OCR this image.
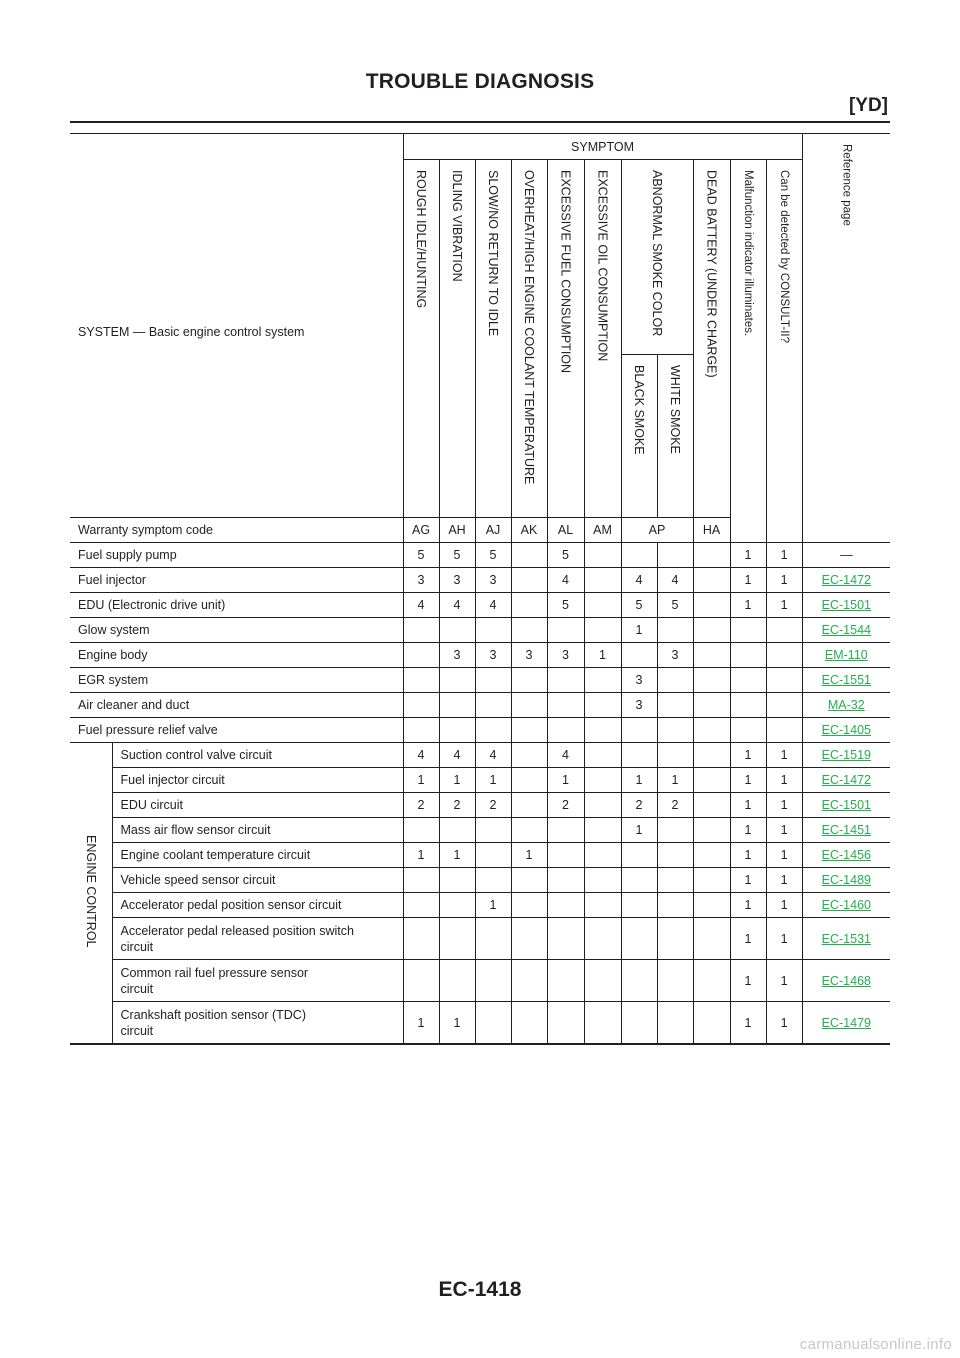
TROUBLE DIAGNOSIS
[YD]
SYSTEM — Basic engine control system		SYMPTOM											Reference page
		ROUGH IDLE/HUNTING	IDLING VIBRATION	SLOW/NO RETURN TO IDLE	OVERHEAT/HIGH ENGINE COOLANT TEMPERATURE	EXCESSIVE FUEL CONSUMPTION	EXCESSIVE OIL CONSUMPTION	ABNORMAL SMOKE COLOR		DEAD BATTERY (UNDER CHARGE)	Malfunction indicator illuminates.	Can be detected by CONSULT-II?	
								BLACK SMOKE	WHITE SMOKE				
Warranty symptom code		AG	AH	AJ	AK	AL	AM	AP		HA			
Fuel supply pump		5	5	5		5					1	1	—
Fuel injector		3	3	3		4		4	4		1	1	EC-1472
EDU (Electronic drive unit)		4	4	4		5		5	5		1	1	EC-1501
Glow system								1					EC-1544
Engine body			3	3	3	3	1		3				EM-110
EGR system								3					EC-1551
Air cleaner and duct								3					MA-32
Fuel pressure relief valve													EC-1405
ENGINE CONTROL	Suction control valve circuit	4	4	4		4					1	1	EC-1519
	Fuel injector circuit	1	1	1		1		1	1		1	1	EC-1472
	EDU circuit	2	2	2		2		2	2		1	1	EC-1501
	Mass air flow sensor circuit							1			1	1	EC-1451
	Engine coolant temperature circuit	1	1		1						1	1	EC-1456
	Vehicle speed sensor circuit										1	1	EC-1489
	Accelerator pedal position sensor circuit			1							1	1	EC-1460

	Accelerator pedal released position switch
circuit										1	1	EC-1531

	Common rail fuel pressure sensor
circuit										1	1	EC-1468

	Crankshaft position sensor (TDC)
circuit	1	1								1	1	EC-1479
EC-1418
carmanualsonline.info
